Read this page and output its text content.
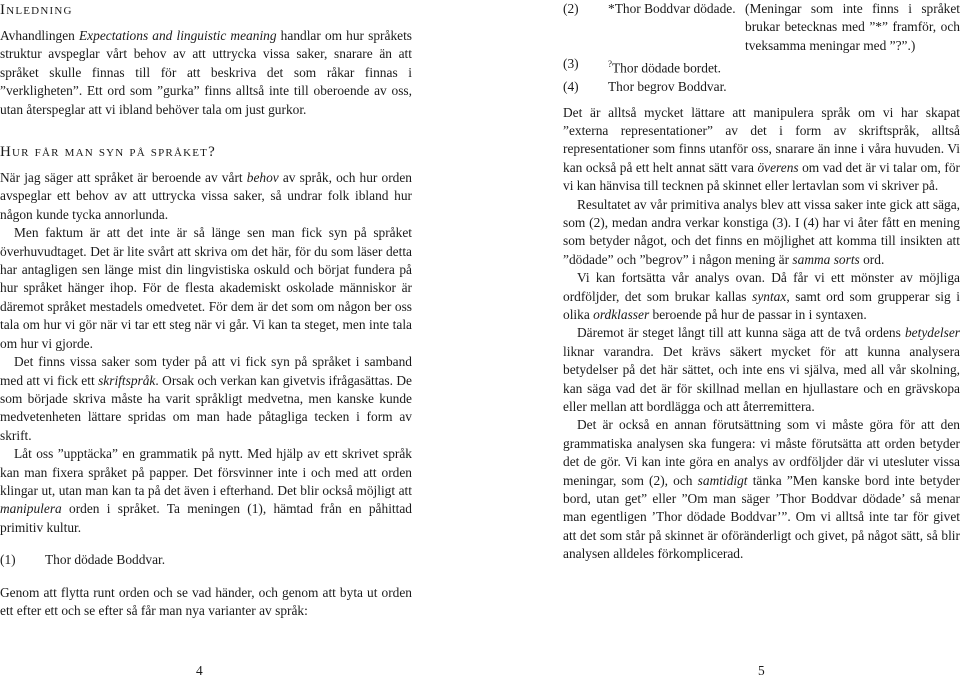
Inledning

Avhandlingen Expectations and linguistic meaning handlar om hur språkets struktur avspeglar vårt behov av att uttrycka vissa saker, snarare än att språket skulle finnas till för att beskriva det som råkar finnas i ”verkligheten”. Ett ord som ”gurka” finns alltså inte till oberoende av oss, utan återspeglar att vi ibland behöver tala om just gurkor.

Hur får man syn på språket?

När jag säger att språket är beroende av vårt behov av språk, och hur orden avspeglar ett behov av att uttrycka vissa saker, så undrar folk ibland hur någon kunde tycka annorlunda.

Men faktum är att det inte är så länge sen man fick syn på språket överhuvudtaget. Det är lite svårt att skriva om det här, för du som läser detta har antagligen sen länge mist din lingvistiska oskuld och börjat fundera på hur språket hänger ihop. För de flesta akademiskt oskolade människor är däremot språket mestadels omedvetet. För dem är det som om någon ber oss tala om hur vi gör när vi tar ett steg när vi går. Vi kan ta steget, men inte tala om hur vi gjorde.

Det finns vissa saker som tyder på att vi fick syn på språket i samband med att vi fick ett skriftspråk. Orsak och verkan kan givetvis ifrågasättas. De som började skriva måste ha varit språkligt medvetna, men kanske kunde medvetenheten lättare spridas om man hade påtagliga tecken i form av skrift.

Låt oss ”upptäcka” en grammatik på nytt. Med hjälp av ett skrivet språk kan man fixera språket på papper. Det försvinner inte i och med att orden klingar ut, utan man kan ta på det även i efterhand. Det blir också möjligt att manipulera orden i språket. Ta meningen (1), hämtad från en påhittad primitiv kultur.

(1)	Thor dödade Boddvar.

Genom att flytta runt orden och se vad händer, och genom att byta ut orden ett efter ett och se efter så får man nya varianter av språk:

(2)	*Thor Boddvar dödade. (Meningar som inte finns i språket brukar betecknas med ”*” framför, och tveksamma meningar med ”?”.)
(3)	?Thor dödade bordet.
(4)	Thor begrov Boddvar.

Det är alltså mycket lättare att manipulera språk om vi har skapat ”externa representationer” av det i form av skriftspråk, alltså representationer som finns utanför oss, snarare än inne i våra huvuden. Vi kan också på ett helt annat sätt vara överens om vad det är vi talar om, för vi kan hänvisa till tecknen på skinnet eller lertavlan som vi skriver på.

Resultatet av vår primitiva analys blev att vissa saker inte gick att säga, som (2), medan andra verkar konstiga (3). I (4) har vi åter fått en mening som betyder något, och det finns en möjlighet att komma till insikten att ”dödade” och ”begrov” i någon mening är samma sorts ord.

Vi kan fortsätta vår analys ovan. Då får vi ett mönster av möjliga ordföljder, det som brukar kallas syntax, samt ord som grupperar sig i olika ordklasser beroende på hur de passar in i syntaxen.

Däremot är steget långt till att kunna säga att de två ordens betydelser liknar varandra. Det krävs säkert mycket för att kunna analysera betydelser på det här sättet, och inte ens vi själva, med all vår skolning, kan säga vad det är för skillnad mellan en hjullastare och en grävskopa eller mellan att bordlägga och att återremittera.

Det är också en annan förutsättning som vi måste göra för att den grammatiska analysen ska fungera: vi måste förutsätta att orden betyder det de gör. Vi kan inte göra en analys av ordföljder där vi utesluter vissa meningar, som (2), och samtidigt tänka ”Men kanske bord inte betyder bord, utan get” eller ”Om man säger ’Thor Boddvar dödade’ så menar man egentligen ’Thor dödade Boddvar’”. Om vi alltså inte tar för givet att det som står på skinnet är oföränderligt och givet, på något sätt, så blir analysen alldeles förkomplicerad.

4	5
